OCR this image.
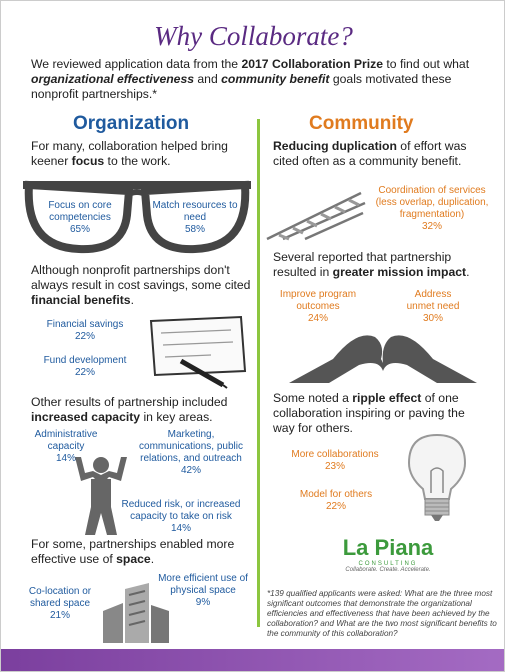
Why Collaborate?
We reviewed application data from the 2017 Collaboration Prize to find out what organizational effectiveness and community benefit goals motivated these nonprofit partnerships.*
Organization
For many, collaboration helped bring keener focus to the work.
Focus on core competencies
65%
Match resources to need
58%
Although nonprofit partnerships don't always result in cost savings, some cited financial benefits.
Financial savings
22%
Fund development
22%
Other results of partnership included increased capacity in key areas.
Administrative capacity
14%
Marketing, communications, public relations, and outreach
42%
Reduced risk, or increased capacity to take on risk
14%
For some, partnerships enabled more effective use of space.
Co-location or shared space
21%
More efficient use of physical space
9%
Community
Reducing duplication of effort was cited often as a community benefit.
Coordination of services (less overlap, duplication, fragmentation)
32%
Several reported that partnership resulted in greater mission impact.
Improve program outcomes
24%
Address unmet need
30%
Some noted a ripple effect of one collaboration inspiring or paving the way for others.
More collaborations
23%
Model for others
22%
La Piana
CONSULTING
Collaborate. Create. Accelerate.
*139 qualified applicants were asked: What are the three most significant outcomes that demonstrate the organizational efficiencies and effectiveness that have been achieved by the collaboration? and What are the two most significant benefits to the community of this collaboration?
